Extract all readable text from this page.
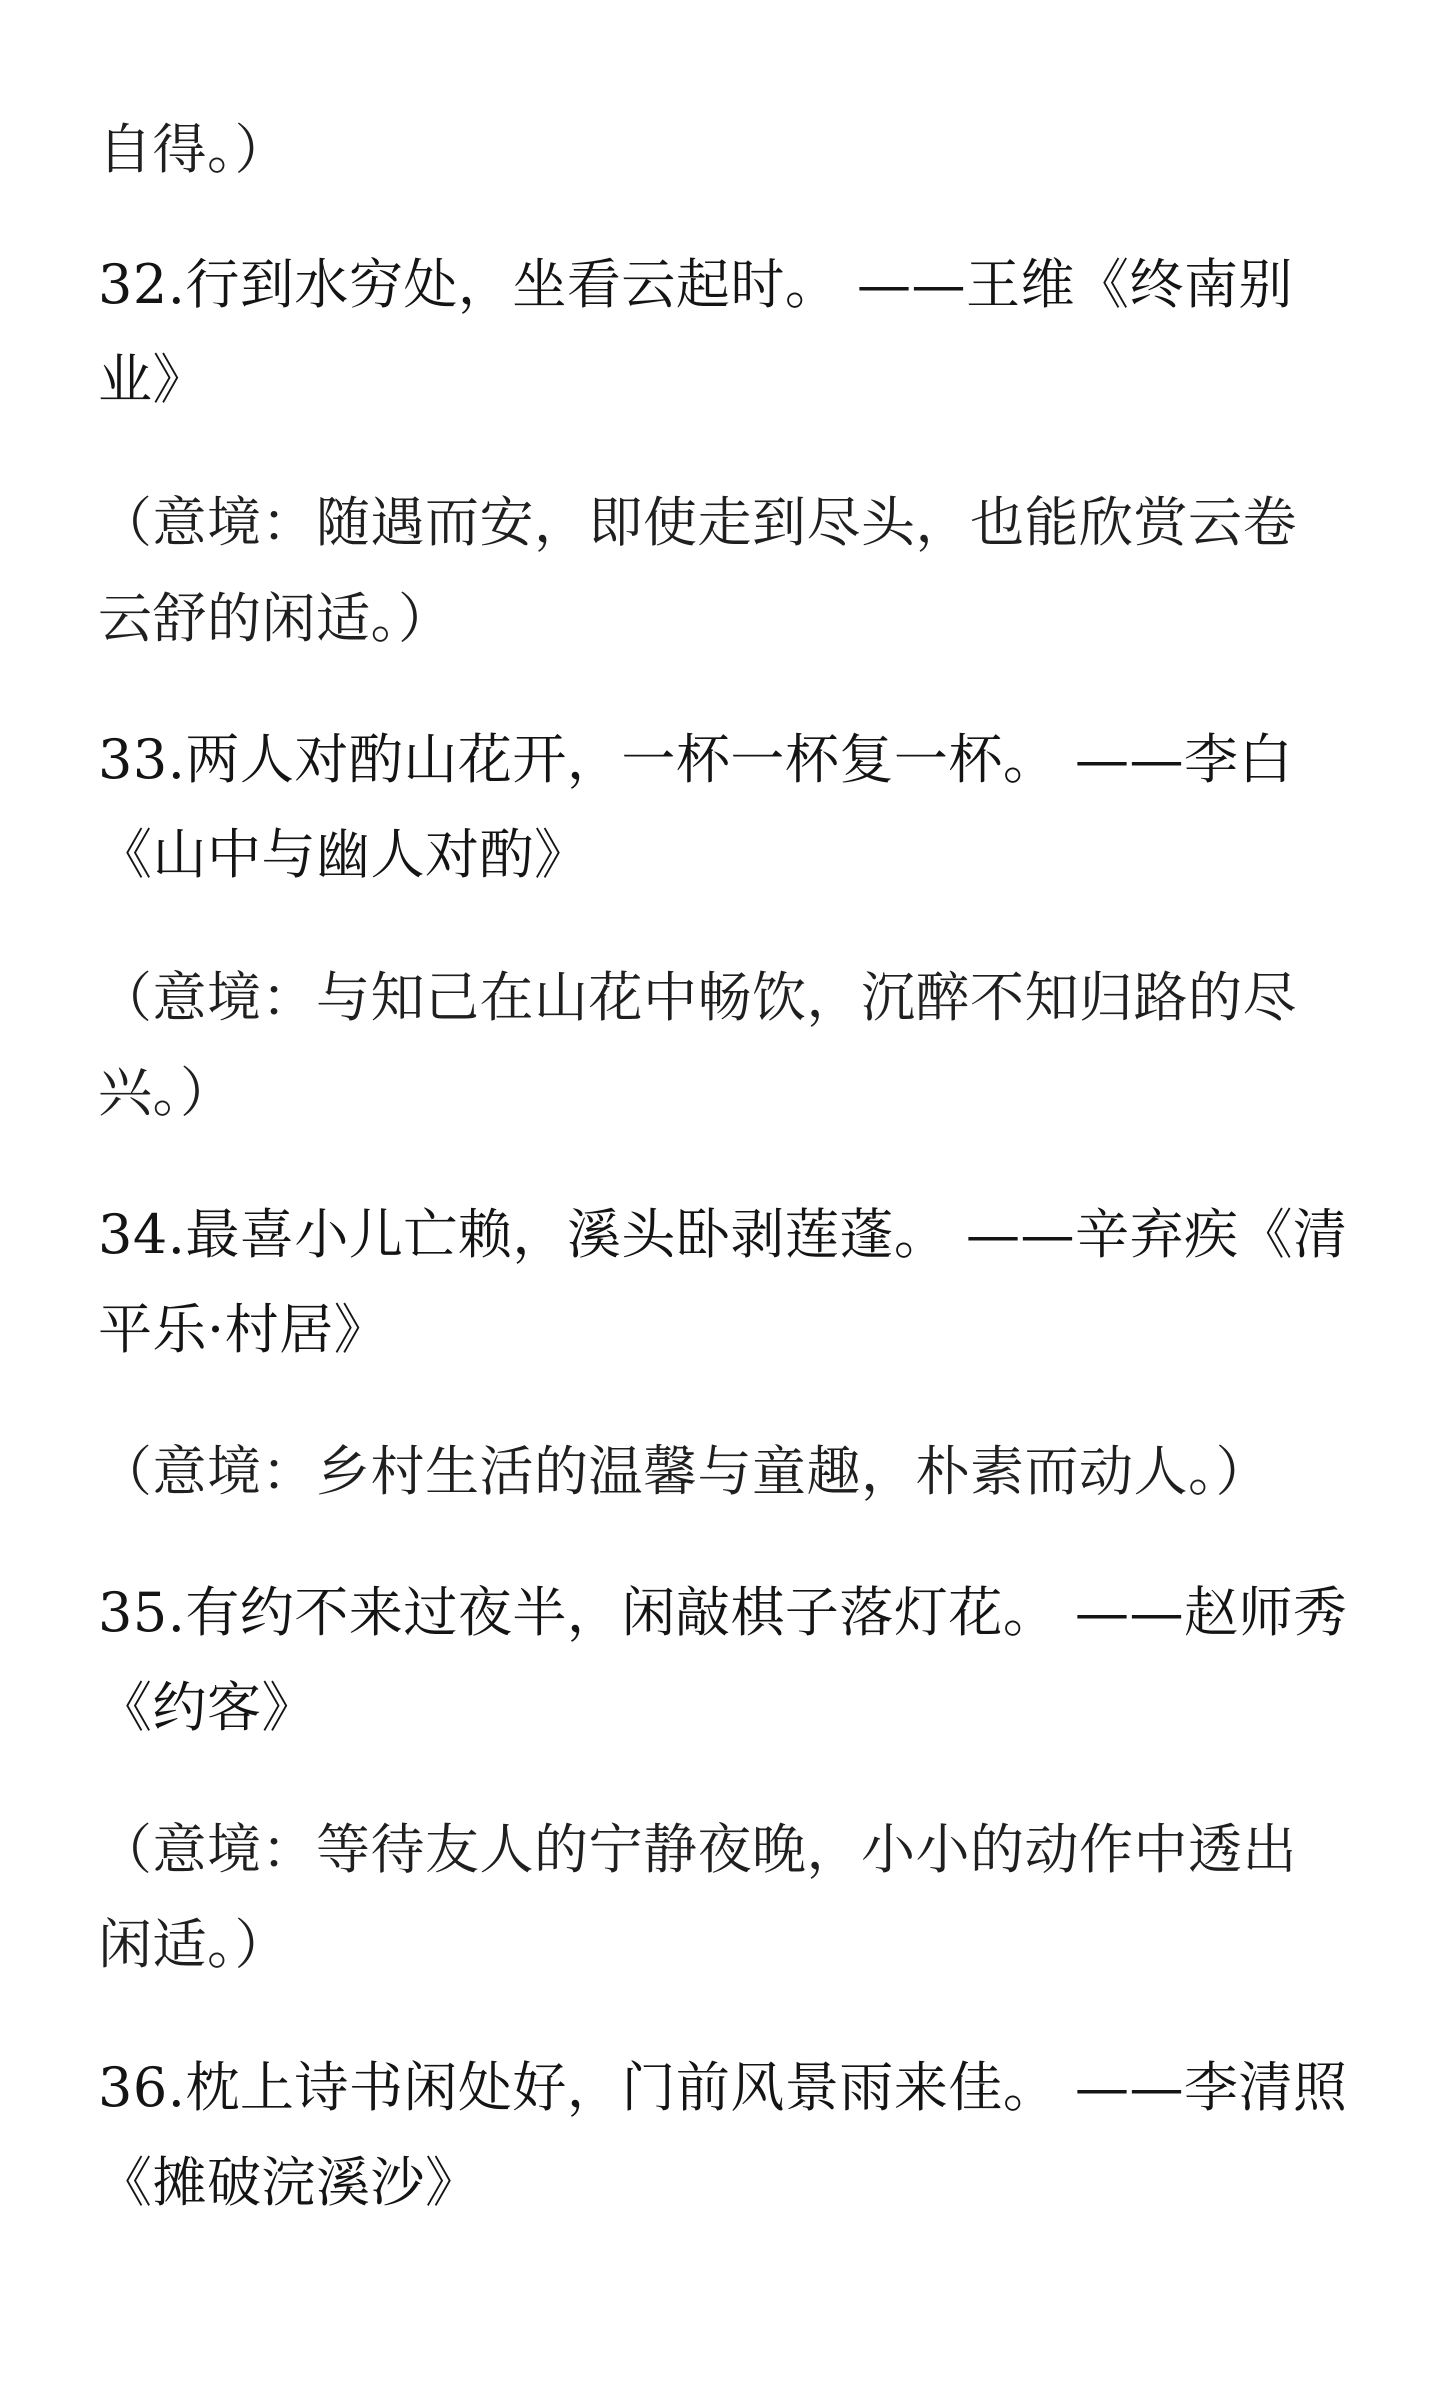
自得。）
32.行到水穷处，坐看云起时。 ——王维《终南别
业》
（意境：随遇而安，即使走到尽头，也能欣赏云卷
云舒的闲适。）
33.两人对酌山花开，一杯一杯复一杯。 ——李白
《山中与幽人对酌》
（意境：与知己在山花中畅饮，沉醉不知归路的尽
兴。）
34.最喜小儿亡赖，溪头卧剥莲蓬。 ——辛弃疾《清
平乐·村居》
（意境：乡村生活的温馨与童趣，朴素而动人。）
35.有约不来过夜半，闲敲棋子落灯花。 ——赵师秀
《约客》
（意境：等待友人的宁静夜晚，小小的动作中透出
闲适。）
36.枕上诗书闲处好，门前风景雨来佳。 ——李清照
《摊破浣溪沙》
